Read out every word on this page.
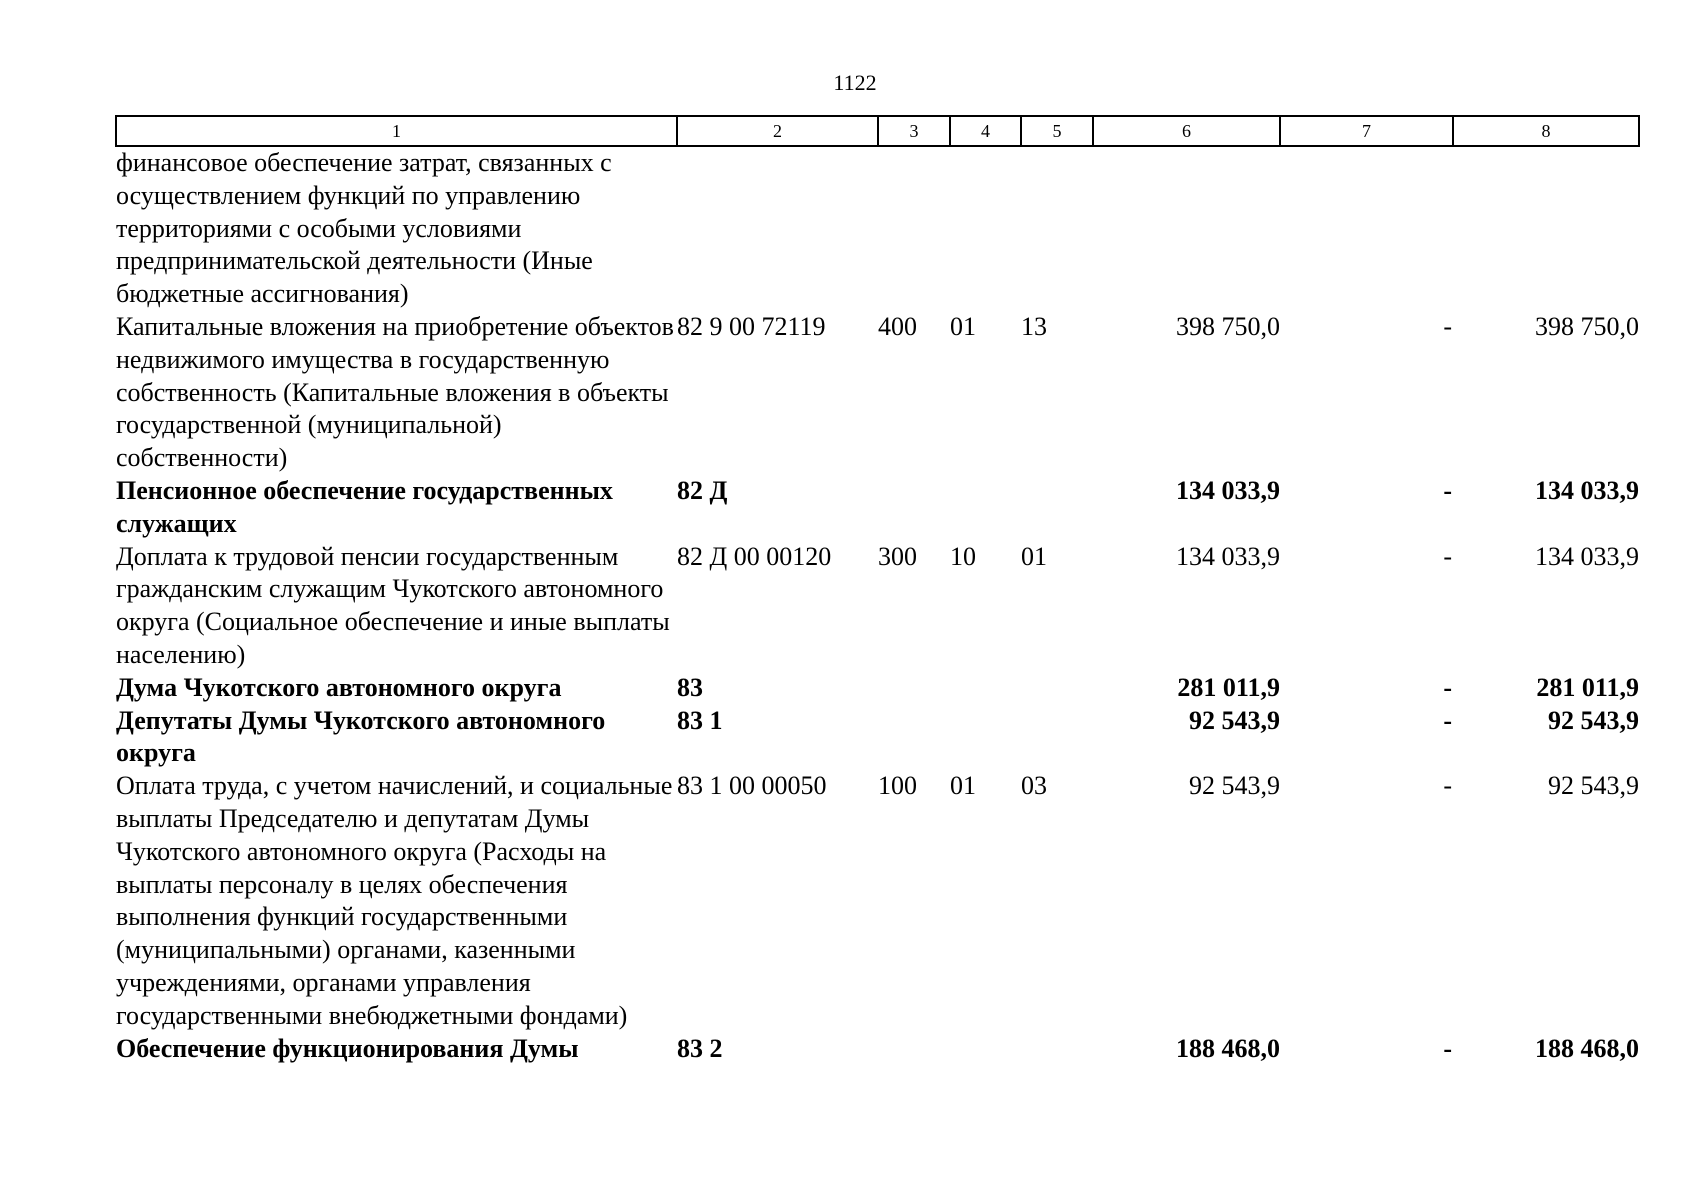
1122
1	2	3	4	5	6	7	8
финансовое обеспечение затрат, связанных с осуществлением функций по управлению территориями с особыми условиями предпринимательской деятельности (Иные бюджетные ассигнования)							
Капитальные вложения на приобретение объектов недвижимого имущества в государственную собственность (Капитальные вложения в объекты государственной (муниципальной) собственности)	82 9 00 72119	400	01	13	398 750,0	-	398 750,0
Пенсионное обеспечение государственных служащих	82 Д				134 033,9	-	134 033,9
Доплата к трудовой пенсии государственным гражданским служащим Чукотского автономного округа (Социальное обеспечение и иные выплаты населению)	82 Д 00 00120	300	10	01	134 033,9	-	134 033,9
Дума Чукотского автономного округа	83				281 011,9	-	281 011,9
Депутаты Думы Чукотского автономного округа	83 1				92 543,9	-	92 543,9
Оплата труда, с учетом начислений, и социальные выплаты Председателю и депутатам Думы Чукотского автономного округа (Расходы на выплаты персоналу в целях обеспечения выполнения функций государственными (муниципальными) органами, казенными учреждениями, органами управления государственными внебюджетными фондами)	83 1 00 00050	100	01	03	92 543,9	-	92 543,9
Обеспечение функционирования Думы	83 2				188 468,0	-	188 468,0
